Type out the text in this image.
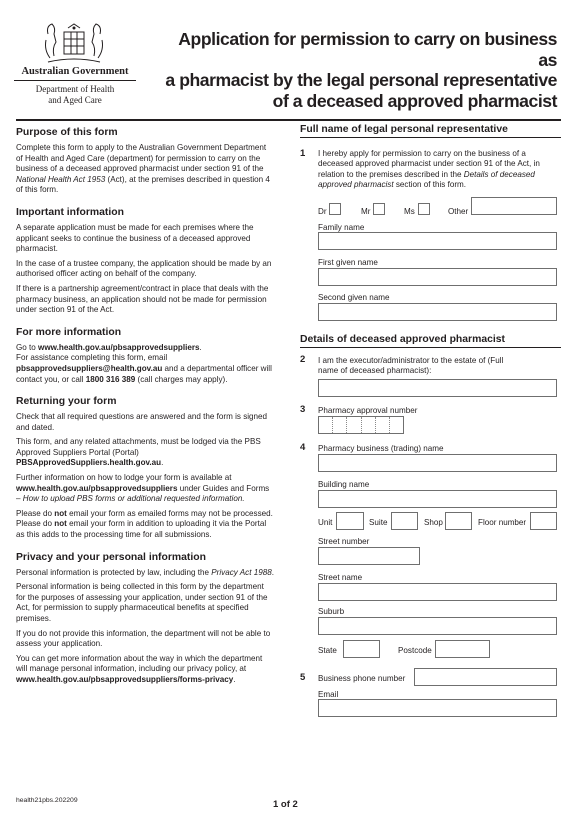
Australian Government
Department of Health
and Aged Care
Application for permission to carry on business as
a pharmacist by the legal personal representative
of a deceased approved pharmacist
Purpose of this form

Complete this form to apply to the Australian Government Department of Health and Aged Care (department) for permission to carry on the business of a deceased approved pharmacist under section 91 of the National Health Act 1953 (Act), at the premises described in question 4 of this form.

Important information

A separate application must be made for each premises where the applicant seeks to continue the business of a deceased approved pharmacist.

In the case of a trustee company, the application should be made by an authorised officer acting on behalf of the company.

If there is a partnership agreement/contract in place that deals with the pharmacy business, an application should not be made for permission under section 91 of the Act.

For more information

Go to www.health.gov.au/pbsapprovedsuppliers.
For assistance completing this form, email
pbsapprovedsuppliers@health.gov.au and a departmental officer will contact you, or call 1800 316 389 (call charges may apply).

Returning your form

Check that all required questions are answered and the form is signed and dated.

This form, and any related attachments, must be lodged via the PBS Approved Suppliers Portal (Portal)
PBSApprovedSuppliers.health.gov.au.

Further information on how to lodge your form is available at www.health.gov.au/pbsapprovedsuppliers under Guides and Forms – How to upload PBS forms or additional requested information.

Please do not email your form as emailed forms may not be processed. Please do not email your form in addition to uploading it via the Portal as this adds to the processing time for all submissions.

Privacy and your personal information

Personal information is protected by law, including the Privacy Act 1988.

Personal information is being collected in this form by the department for the purposes of assessing your application, under section 91 of the Act, for permission to supply pharmaceutical benefits at specified premises.

If you do not provide this information, the department will not be able to assess your application.

You can get more information about the way in which the department will manage personal information, including our privacy policy, at
www.health.gov.au/pbsapprovedsuppliers/forms-privacy.

Full name of legal personal representative
1 I hereby apply for permission to carry on the business of a deceased approved pharmacist under section 91 of the Act, in relation to the premises described in the Details of deceased approved pharmacist section of this form.
Dr	Mr	Ms	Other
Family name
First given name
Second given name
Details of deceased approved pharmacist
2 I am the executor/administrator to the estate of (Full name of deceased pharmacist):
3 Pharmacy approval number
4 Pharmacy business (trading) name
Building name
Unit	Suite	Shop	Floor number
Street number
Street name
Suburb
State	Postcode
5 Business phone number
Email
health21pbs.202209	1 of 2
